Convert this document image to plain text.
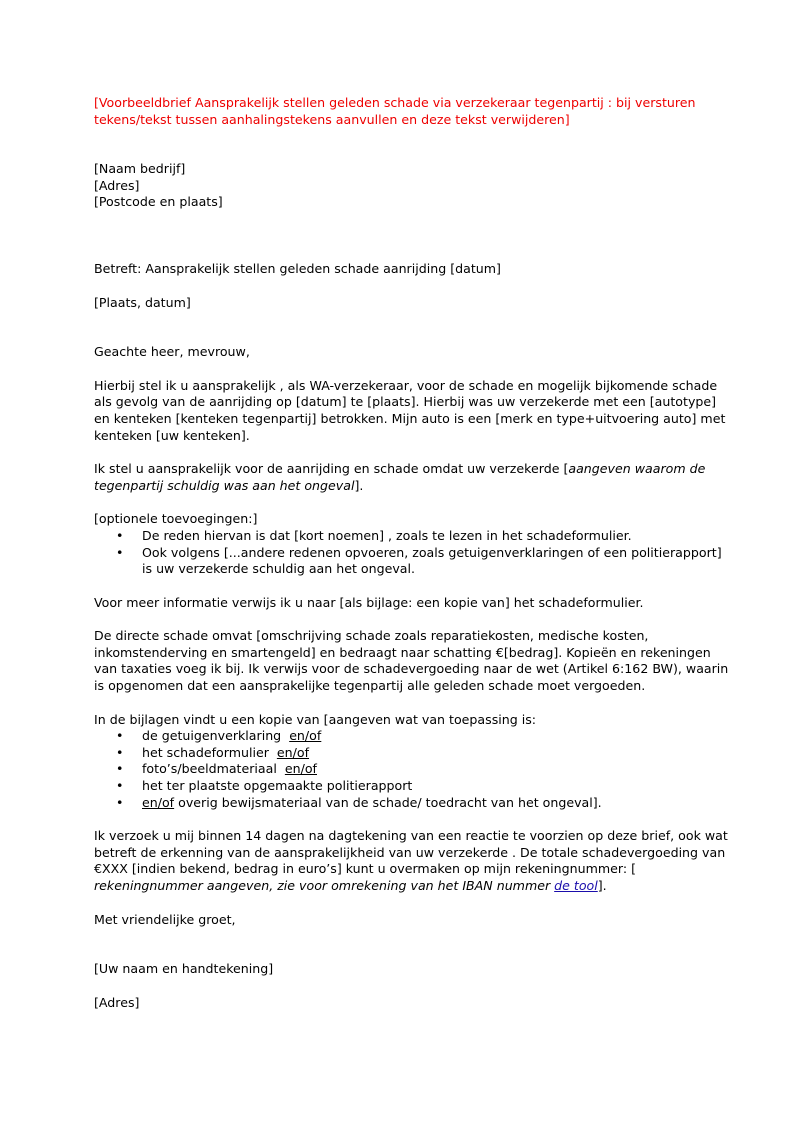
[Voorbeeldbrief Aansprakelijk stellen geleden schade via verzekeraar tegenpartij : bij versturen tekens/tekst tussen aanhalingstekens aanvullen en deze tekst verwijderen]

[Naam bedrijf]

[Adres]

[Postcode en plaats]

Betreft: Aansprakelijk stellen geleden schade aanrijding [datum]

[Plaats, datum]

Geachte heer, mevrouw,

Hierbij stel ik u aansprakelijk , als WA-verzekeraar, voor de schade en mogelijk bijkomende schade als gevolg van de aanrijding op [datum] te [plaats]. Hierbij was uw verzekerde met een [autotype] en kenteken [kenteken tegenpartij] betrokken. Mijn auto is een [merk en type+uitvoering auto] met kenteken [uw kenteken].

Ik stel u aansprakelijk voor de aanrijding en schade omdat uw verzekerde [aangeven waarom de tegenpartij schuldig was aan het ongeval].

[optionele toevoegingen:]

• De reden hiervan is dat [kort noemen] , zoals te lezen in het schadeformulier.
• Ook volgens [...andere redenen opvoeren, zoals getuigenverklaringen of een politierapport] is uw verzekerde schuldig aan het ongeval.

Voor meer informatie verwijs ik u naar [als bijlage: een kopie van] het schadeformulier.

De directe schade omvat [omschrijving schade zoals reparatiekosten, medische kosten, inkomstenderving en smartengeld] en bedraagt naar schatting €[bedrag]. Kopieën en rekeningen van taxaties voeg ik bij. Ik verwijs voor de schadevergoeding naar de wet (Artikel 6:162 BW), waarin is opgenomen dat een aansprakelijke tegenpartij alle geleden schade moet vergoeden.

In de bijlagen vindt u een kopie van [aangeven wat van toepassing is:

• de getuigenverklaring en/of
• het schadeformulier en/of
• foto’s/beeldmateriaal en/of
• het ter plaatste opgemaakte politierapport
• en/of overig bewijsmateriaal van de schade/ toedracht van het ongeval].

Ik verzoek u mij binnen 14 dagen na dagtekening van een reactie te voorzien op deze brief, ook wat betreft de erkenning van de aansprakelijkheid van uw verzekerde . De totale schadevergoeding van €XXX [indien bekend, bedrag in euro’s] kunt u overmaken op mijn rekeningnummer: [ rekeningnummer aangeven, zie voor omrekening van het IBAN nummer de tool].

Met vriendelijke groet,

[Uw naam en handtekening]

[Adres]
